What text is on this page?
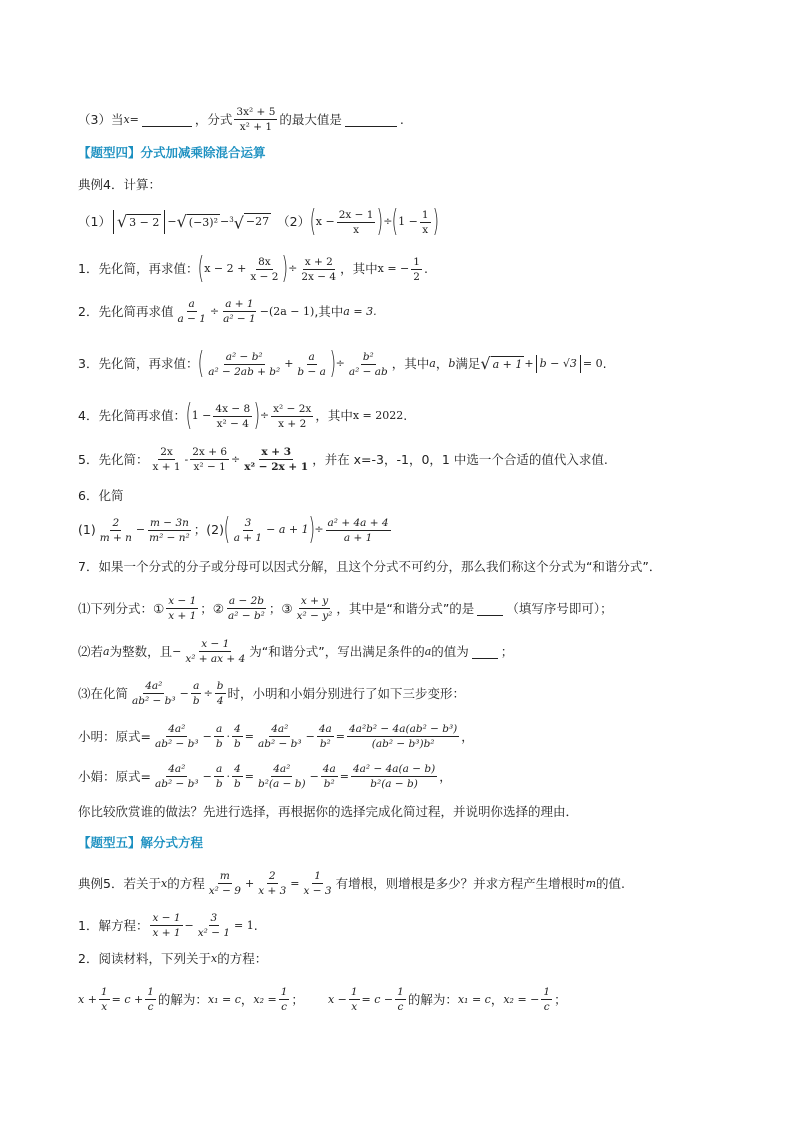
（3）当 x =	，分式 $\frac{\text{3x² + 5}}{\text{x² + 1}}$ 的最大值是	.
【题型四】分式加减乘除混合运算
典例4．计算：
（1） √ 3 − 2 − √ (−3)² − $^3$√ −27 （2） ( $x - \frac{2x - 1}{x}$ ) ÷ ( $1 - \frac{1}{x}$ )
1．先化简，再求值： ( $x - 2 + \frac{8x}{x - 2}$ ) ÷ $\frac{x + 2}{2x - 4}$ ，其中 x = − $\frac{1}{2}$ .
2．先化简再求值 $\frac{a}{a - 1} \div \frac{a + 1}{\text{a² − 1}} -(2a - 1)$ ,其中 a = 3.
3．先化简，再求值： ( $\frac{\text{a² − b²}}{\text{a² − 2ab + b²}} + \frac{a}{b - a}$ ) ÷ $\frac{\text{b²}}{\text{a² − ab}}$ ，其中 a ， b 满足 √ a + 1 + b − √3 = 0 .
4．先化简再求值： ( $1 - \frac{4x - 8}{\text{x² − 4}}$ ) ÷ $\frac{\text{x² − 2x}}{x + 2}$ ，其中 x = 2022 .
5．先化简： $\frac{2x}{x + 1} - \frac{2x + 6}{\text{x² − 1}} \div \frac{x + 3}{\text{x² − 2x + 1}}$ ，并在 x=-3，-1，0，1 中选一个合适的值代入求值.
6．化简
$(1) \frac{2}{m + n} - \frac{m - 3n}{\text{m² − n²}}$ ；(2) ( $\frac{3}{a + 1} - a + 1$ ) ÷ $\frac{\text{a² + 4a + 4}}{a + 1}$
7．如果一个分式的分子或分母可以因式分解，且这个分式不可约分，那么我们称这个分式为“和谐分式”．
⑴下列分式：① $\frac{x - 1}{x + 1}$ ；② $\frac{a - 2b}{\text{a² − b²}}$ ；③ $\frac{x + y}{\text{x² − y²}}$ ，其中是“和谐分式”的是	（填写序号即可）；
⑵若 a 为整数，且 − $\frac{x - 1}{\text{x² + ax + 4}}$ 为“和谐分式”，写出满足条件的 a 的值为	；
⑶在化简 $\frac{\text{4a²}}{\text{ab² − b³}} - \frac{a}{b} \div \frac{b}{4}$ 时，小明和小娟分别进行了如下三步变形：
小明：原式= $\frac{\text{4a²}}{\text{ab² − b³}} - \frac{a}{b} \cdot \frac{4}{b} = \frac{\text{4a²}}{\text{ab² − b³}} - \frac{4a}{\text{b²}} = \frac{\text{4a²b² − 4a(ab² − b³)}}{\text{(ab² − b³)b²}}$ ，
小娟：原式= $\frac{\text{4a²}}{\text{ab² − b³}} - \frac{a}{b} \cdot \frac{4}{b} = \frac{\text{4a²}}{\text{b²(a − b)}} - \frac{4a}{\text{b²}} = \frac{\text{4a² − 4a(a − b)}}{\text{b²(a − b)}}$ ，
你比较欣赏谁的做法？先进行选择，再根据你的选择完成化简过程，并说明你选择的理由．
【题型五】解分式方程
典例5．若关于 x 的方程 $\frac{m}{\text{x² − 9}} + \frac{2}{x + 3} = \frac{1}{x - 3}$ 有增根，则增根是多少？并求方程产生增根时 m 的值.
1．解方程： $\frac{x - 1}{x + 1} - \frac{3}{\text{x² − 1}} = 1$ .
2．阅读材料，下列关于 x 的方程：
$x + \frac{1}{x} = c + \frac{1}{c}$ 的解为： x₁ = c ， $x_2 = \frac{1}{c}$ ； $x - \frac{1}{x} = c - \frac{1}{c}$ 的解为： x₁ = c ， x₂ = − $\frac{1}{c}$ ；
